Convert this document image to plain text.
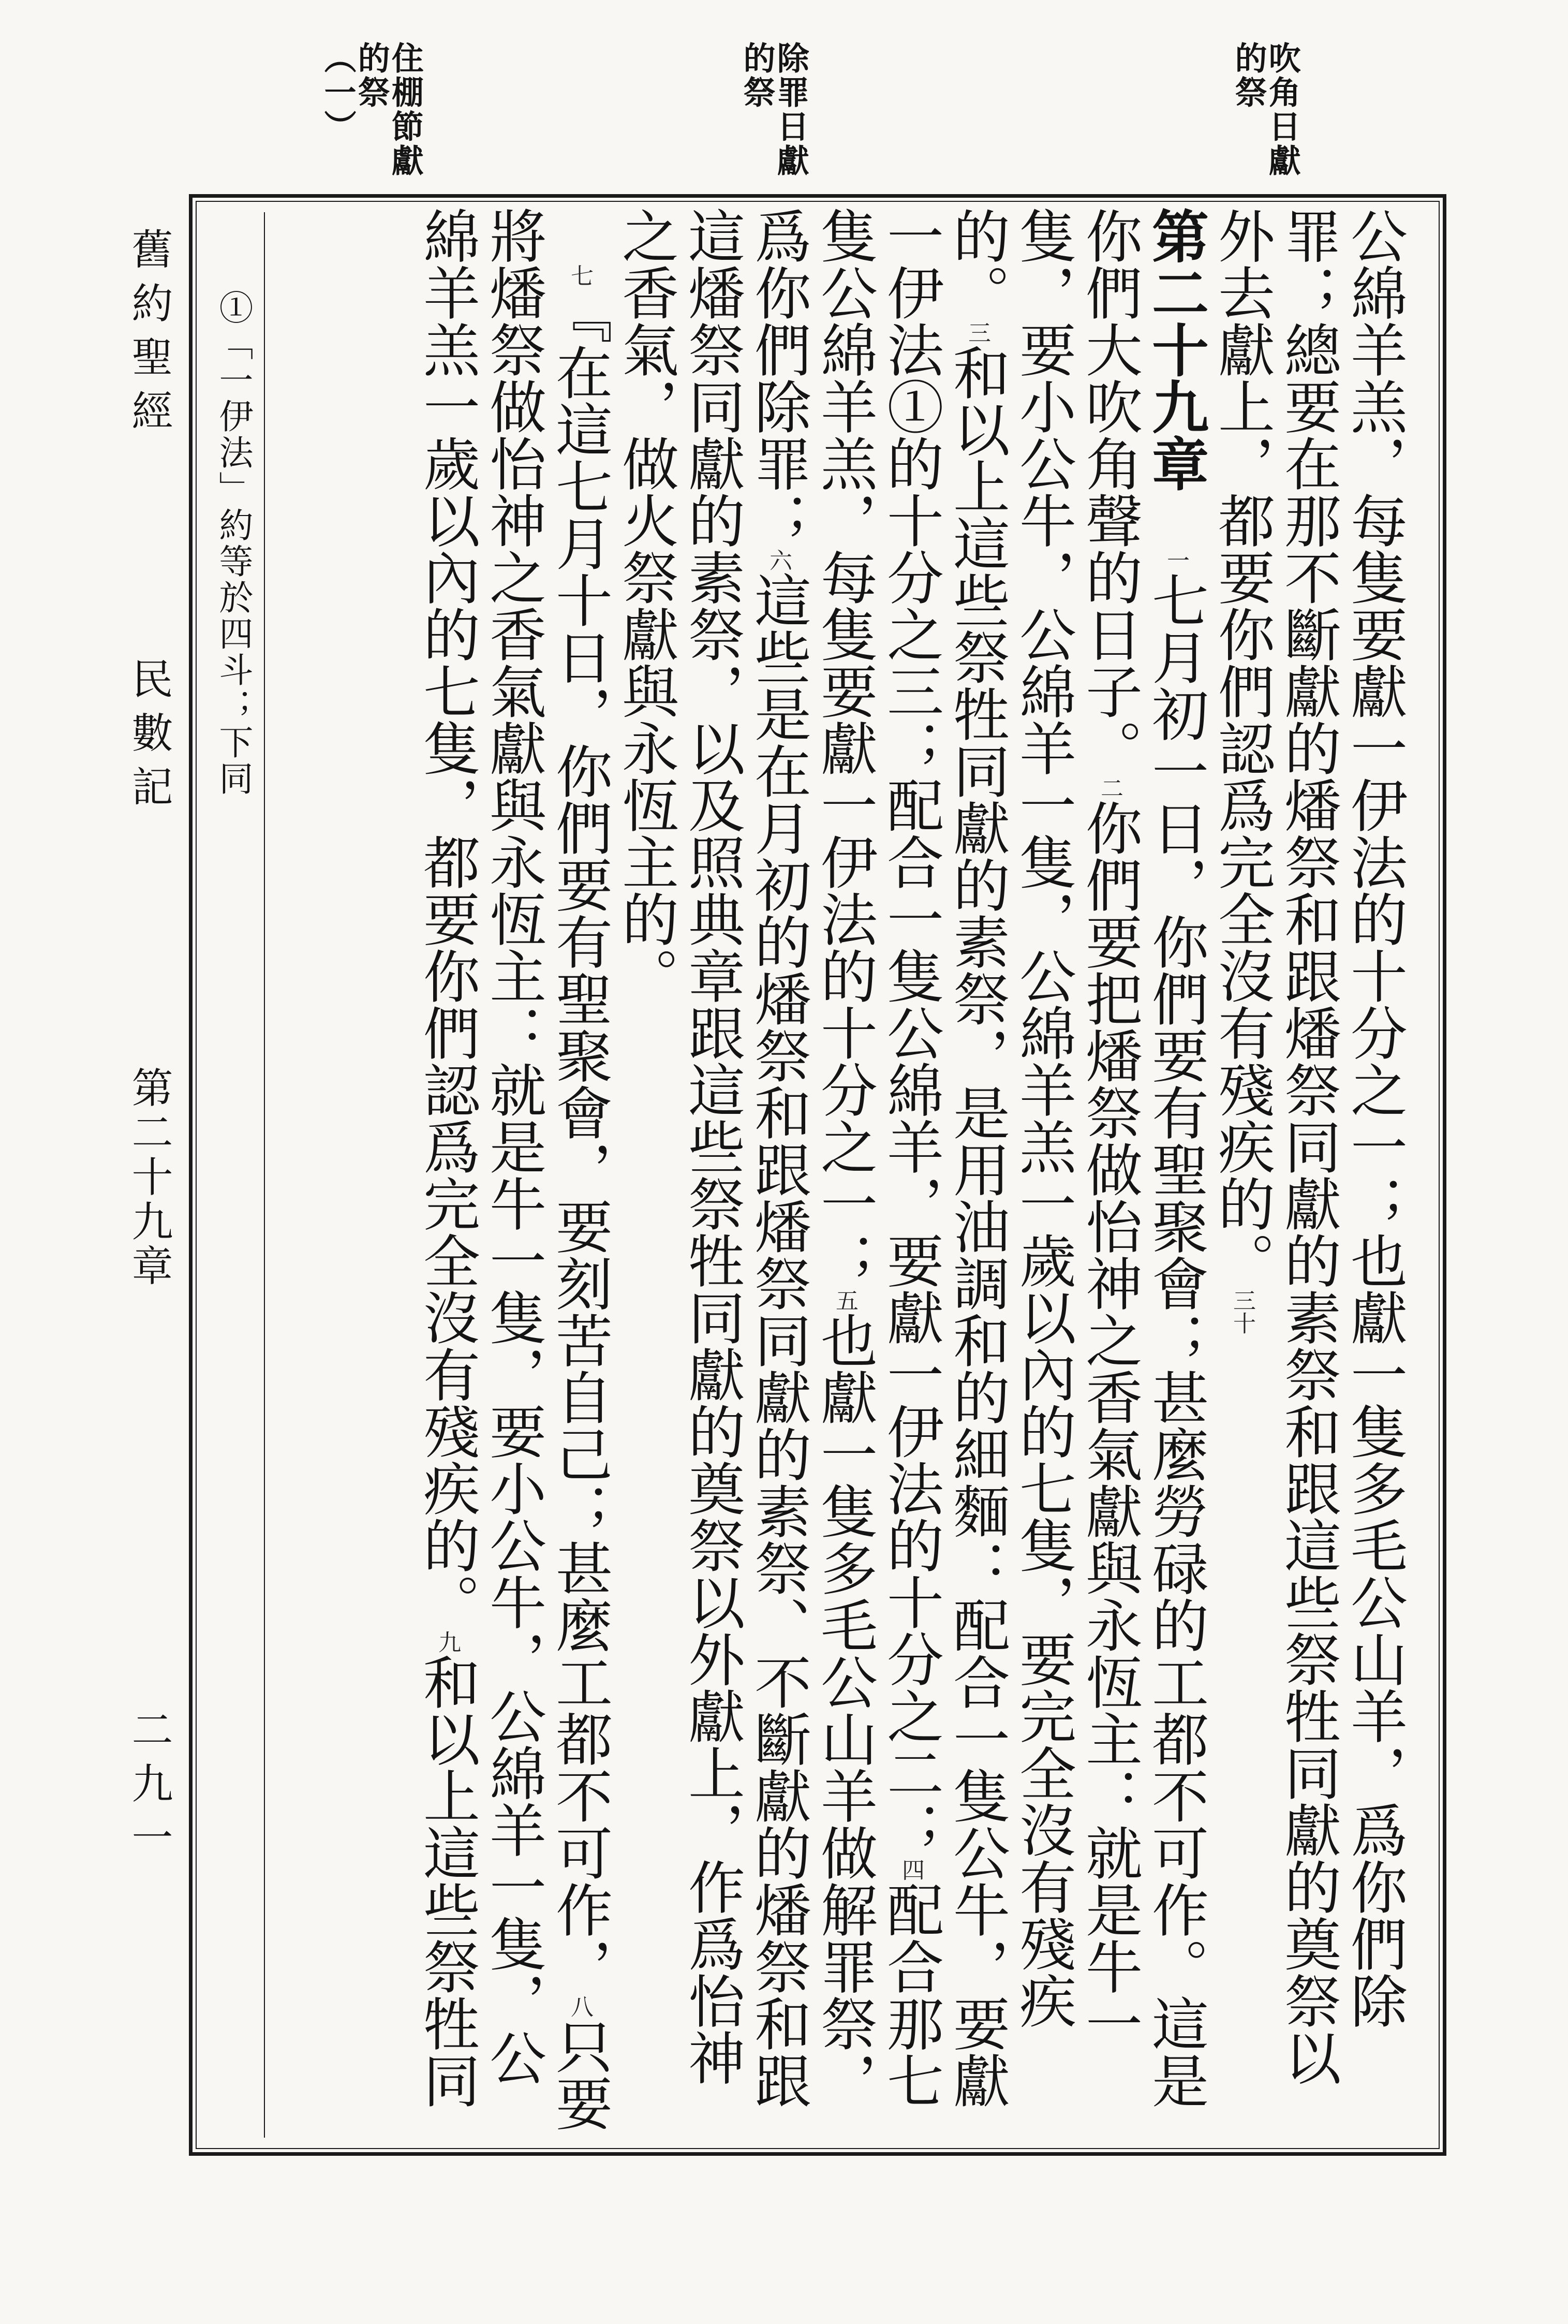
吹角日獻
的祭
除罪日獻
的祭
住棚節獻
的祭
（一）
舊約聖經
民數記
第二十九章
二九一	公綿羊羔，每隻要獻一伊法的十分之一；也獻一隻多毛公山羊，爲你們除罪；總要在那不斷獻的燔祭和跟燔祭同獻的素祭和跟這些祭牲同獻的奠祭以外去獻上，都要你們認爲完全沒有殘疾的。$^{三十}$
第二十九章　$^一$七月初一日，你們要有聖聚會；甚麼勞碌的工都不可作。這是你們大吹角聲的日子。$^二$你們要把燔祭做怡神之香氣獻與永恆主：就是牛一隻，要小公牛，公綿羊一隻，公綿羊羔一歲以內的七隻，要完全沒有殘疾的。$^三$和以上這些祭牲同獻的素祭，是用油調和的細麵：配合一隻公牛，要獻一伊法①的十分之三；配合一隻公綿羊，要獻一伊法的十分之二；$^四$配合那七隻公綿羊羔，每隻要獻一伊法的十分之一；$^五$也獻一隻多毛公山羊做解罪祭，爲你們除罪；$^六$這些是在月初的燔祭和跟燔祭同獻的素祭、不斷獻的燔祭和跟這燔祭同獻的素祭，以及照典章跟這些祭牲同獻的奠祭以外獻上，作爲怡神之香氣，做火祭獻與永恆主的。
　$^七$『在這七月十日，你們要有聖聚會，要刻苦自己；甚麼工都不可作，$^八$只要將燔祭做怡神之香氣獻與永恆主：就是牛一隻，要小公牛，公綿羊一隻，公綿羊羔一歲以內的七隻，都要你們認爲完全沒有殘疾的。$^九$和以上這些祭牲同

①「一伊法」約等於四斗；下同
